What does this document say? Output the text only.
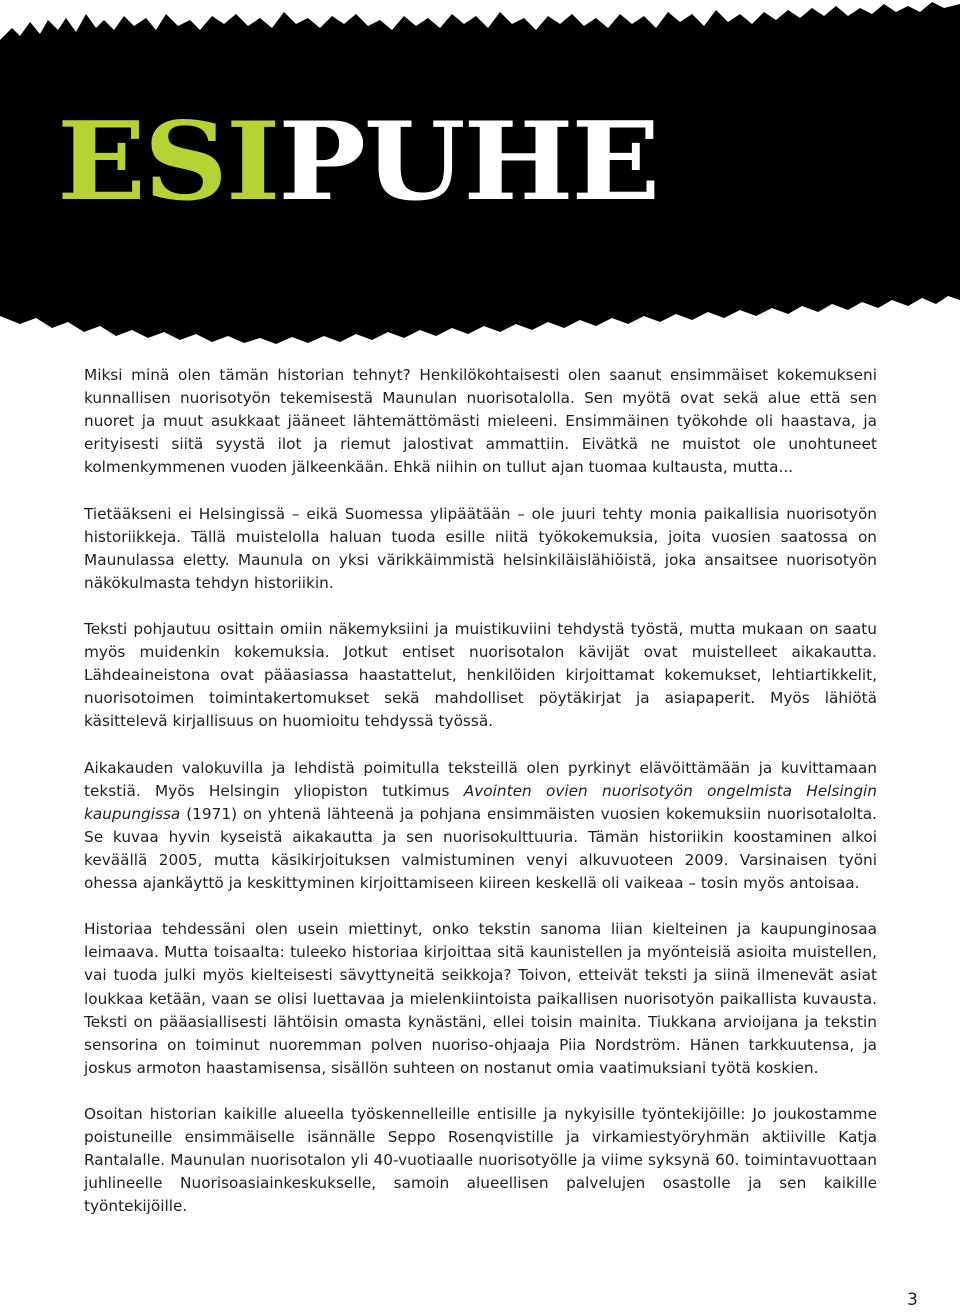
ESIPUHE

Miksi minä olen tämän historian tehnyt? Henkilökohtaisesti olen saanut ensimmäiset kokemukseni kunnallisen nuorisotyön tekemisestä Maunulan nuorisotalolla. Sen myötä ovat sekä alue että sen nuoret ja muut asukkaat jääneet lähtemättömästi mieleeni. Ensimmäinen työkohde oli haastava, ja erityisesti siitä syystä ilot ja riemut jalostivat ammattiin. Eivätkä ne muistot ole unohtuneet kolmenkymmenen vuoden jälkeenkään. Ehkä niihin on tullut ajan tuomaa kultausta, mutta...

Tietääkseni ei Helsingissä – eikä Suomessa ylipäätään – ole juuri tehty monia paikallisia nuorisotyön historiikkeja. Tällä muistelolla haluan tuoda esille niitä työkokemuksia, joita vuosien saatossa on Maunulassa eletty. Maunula on yksi värikkäimmistä helsinkiläislähiöistä, joka ansaitsee nuorisotyön näkökulmasta tehdyn historiikin.

Teksti pohjautuu osittain omiin näkemyksiini ja muistikuviini tehdystä työstä, mutta mukaan on saatu myös muidenkin kokemuksia. Jotkut entiset nuorisotalon kävijät ovat muistelleet aikakautta. Lähdeaineistona ovat pääasiassa haastattelut, henkilöiden kirjoittamat kokemukset, lehtiartikkelit, nuorisotoimen toimintakertomukset sekä mahdolliset pöytäkirjat ja asiapaperit. Myös lähiötä käsittelevä kirjallisuus on huomioitu tehdyssä työssä.

Aikakauden valokuvilla ja lehdistä poimitulla teksteillä olen pyrkinyt elävöittämään ja kuvittamaan tekstiä. Myös Helsingin yliopiston tutkimus Avointen ovien nuorisotyön ongelmista Helsingin kaupungissa (1971) on yhtenä lähteenä ja pohjana ensimmäisten vuosien kokemuksiin nuorisotalolta. Se kuvaa hyvin kyseistä aikakautta ja sen nuorisokulttuuria. Tämän historiikin koostaminen alkoi keväällä 2005, mutta käsikirjoituksen valmistuminen venyi alkuvuoteen 2009. Varsinaisen työni ohessa ajankäyttö ja keskittyminen kirjoittamiseen kiireen keskellä oli vaikeaa – tosin myös antoisaa.

Historiaa tehdessäni olen usein miettinyt, onko tekstin sanoma liian kielteinen ja kaupunginosaa leimaava. Mutta toisaalta: tuleeko historiaa kirjoittaa sitä kaunistellen ja myönteisiä asioita muistellen, vai tuoda julki myös kielteisesti sävyttyneitä seikkoja? Toivon, etteivät teksti ja siinä ilmenevät asiat loukkaa ketään, vaan se olisi luettavaa ja mielenkiintoista paikallisen nuorisotyön paikallista kuvausta. Teksti on pääasiallisesti lähtöisin omasta kynästäni, ellei toisin mainita. Tiukkana arvioijana ja tekstin sensorina on toiminut nuoremman polven nuoriso-ohjaaja Piia Nordström. Hänen tarkkuutensa, ja joskus armoton haastamisensa, sisällön suhteen on nostanut omia vaatimuksiani työtä koskien.

Osoitan historian kaikille alueella työskennelleille entisille ja nykyisille työntekijöille: Jo joukostamme poistuneille ensimmäiselle isännälle Seppo Rosenqvistille ja virkamiestyöryhmän aktiiville Katja Rantalalle. Maunulan nuorisotalon yli 40-vuotiaalle nuorisotyölle ja viime syksynä 60. toimintavuottaan juhlineelle Nuorisoasiainkeskukselle, samoin alueellisen palvelujen osastolle ja sen kaikille työntekijöille.

3
